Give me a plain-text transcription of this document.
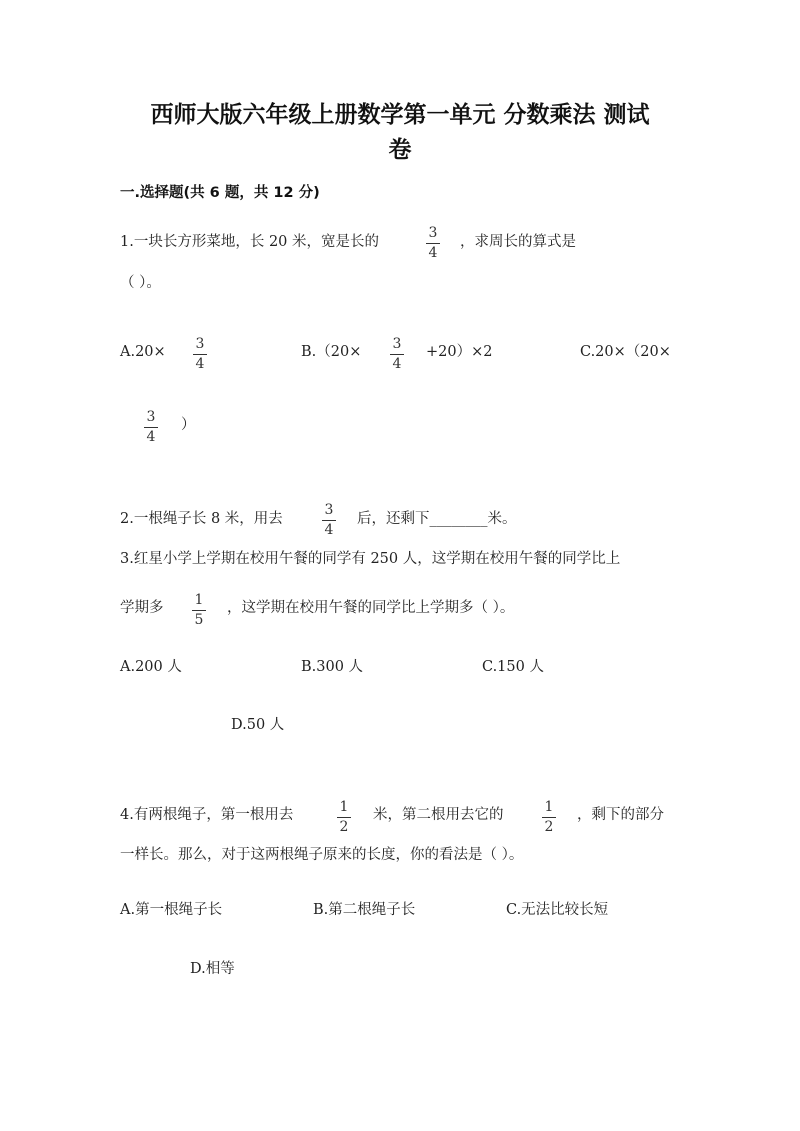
西师大版六年级上册数学第一单元 分数乘法 测试
卷
一.选择题(共 6 题，共 12 分)
1.一块长方形菜地，长 20 米，宽是长的
3
4
，求周长的算式是
（ ）。
A.20×	3
4
B.（20×	3
4
+20）×2	C.20×（20×
3
4
）
2.一根绳子长 8 米，用去
3
4
后，还剩下________米。
3.红星小学上学期在校用午餐的同学有 250 人，这学期在校用午餐的同学比上
学期多	1
5
，这学期在校用午餐的同学比上学期多（ ）。
A.200 人	B.300 人	C.150 人
D.50 人
4.有两根绳子，第一根用去	1
2
米，第二根用去它的	1
2
，剩下的部分
一样长。那么，对于这两根绳子原来的长度，你的看法是（ ）。
A.第一根绳子长	B.第二根绳子长	C.无法比较长短
D.相等
